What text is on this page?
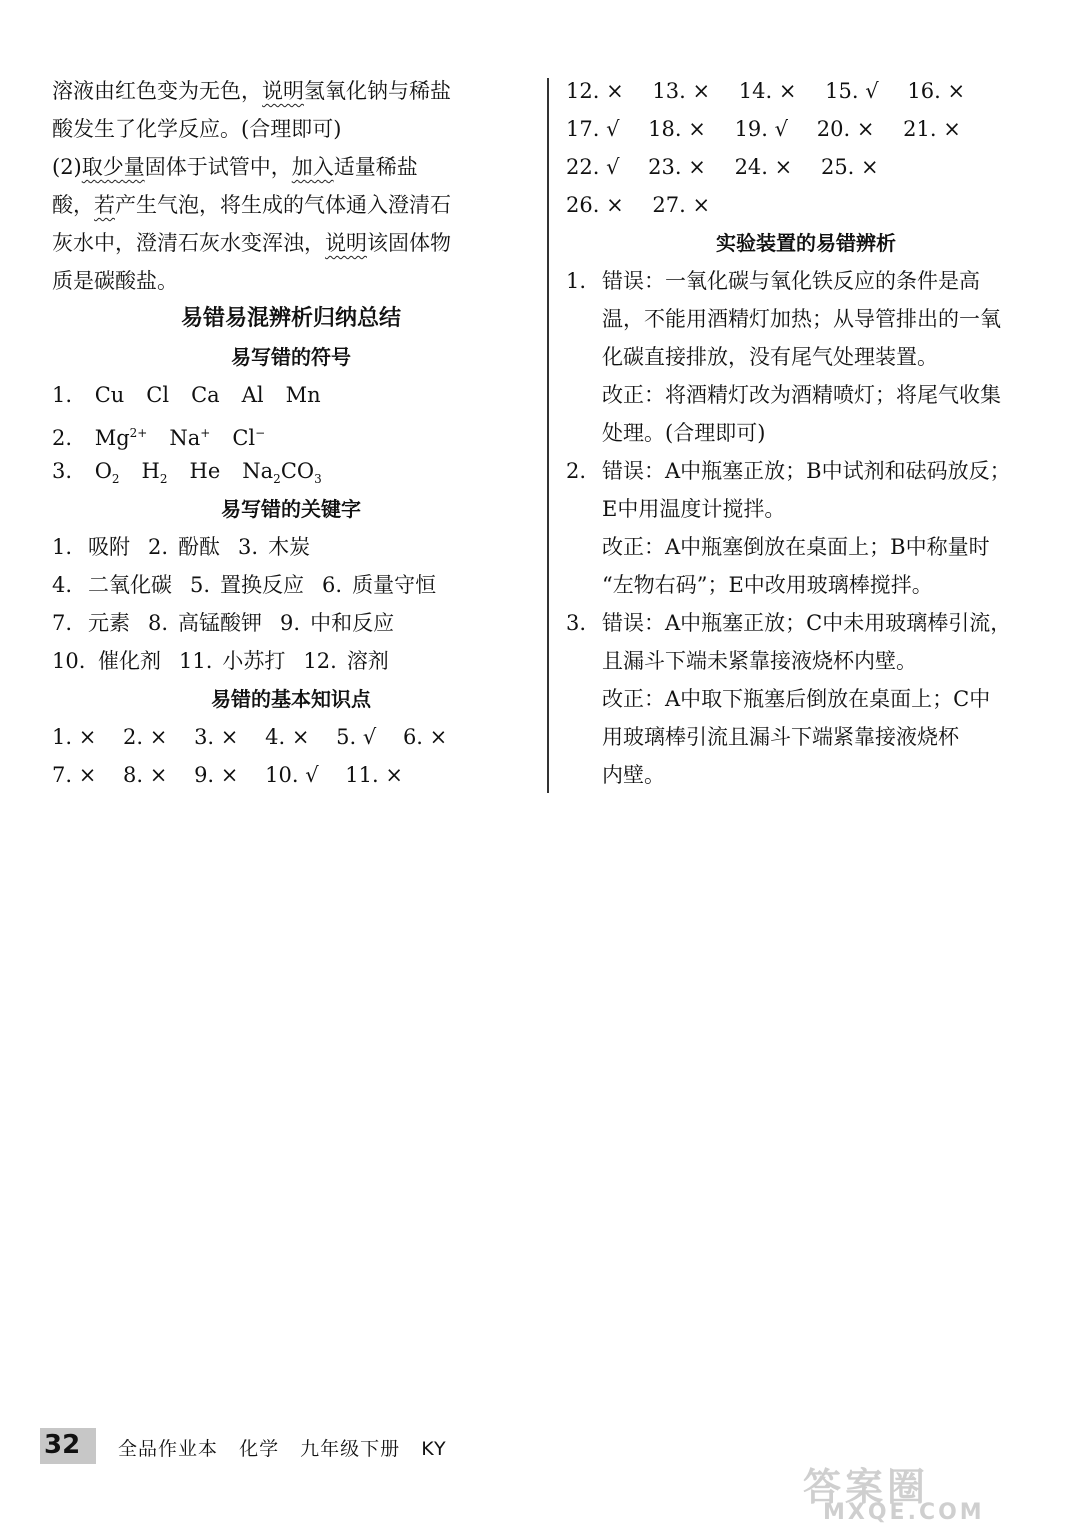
溶液由红色变为无色，说明氢氧化钠与稀盐
酸发生了化学反应。(合理即可)
(2)取少量固体于试管中，加入适量稀盐
酸，若产生气泡，将生成的气体通入澄清石
灰水中，澄清石灰水变浑浊，说明该固体物
质是碳酸盐。
易错易混辨析归纳总结
易写错的符号
1. Cu Cl Ca Al Mn
2. $Mg^{2+}$ Na+ Cl−
3. $O_2$ $H_2$ He $Na_2CO_3$
易写错的关键字
1. 吸附 2. 酚酞 3. 木炭
4. 二氧化碳 5. 置换反应 6. 质量守恒
7. 元素 8. 高锰酸钾 9. 中和反应
10. 催化剂 11. 小苏打 12. 溶剂
易错的基本知识点
1. × 2. × 3. × 4. × 5. √ 6. ×
7. × 8. × 9. × 10. √ 11. ×
12. × 13. × 14. × 15. √ 16. ×
17. √ 18. × 19. √ 20. × 21. ×
22. √ 23. × 24. × 25. ×
26. × 27. ×
实验装置的易错辨析
1. 错误：一氧化碳与氧化铁反应的条件是高
温，不能用酒精灯加热；从导管排出的一氧
化碳直接排放，没有尾气处理装置。
改正：将酒精灯改为酒精喷灯；将尾气收集
处理。(合理即可)
2. 错误：A中瓶塞正放；B中试剂和砝码放反；
E中用温度计搅拌。
改正：A中瓶塞倒放在桌面上；B中称量时
“左物右码”；E中改用玻璃棒搅拌。
3. 错误：A中瓶塞正放；C中未用玻璃棒引流，
且漏斗下端未紧靠接液烧杯内壁。
改正：A中取下瓶塞后倒放在桌面上；C中
用玻璃棒引流且漏斗下端紧靠接液烧杯
内壁。
32 全品作业本 化学 九年级下册 KY
答案圈
MXQE.COM
